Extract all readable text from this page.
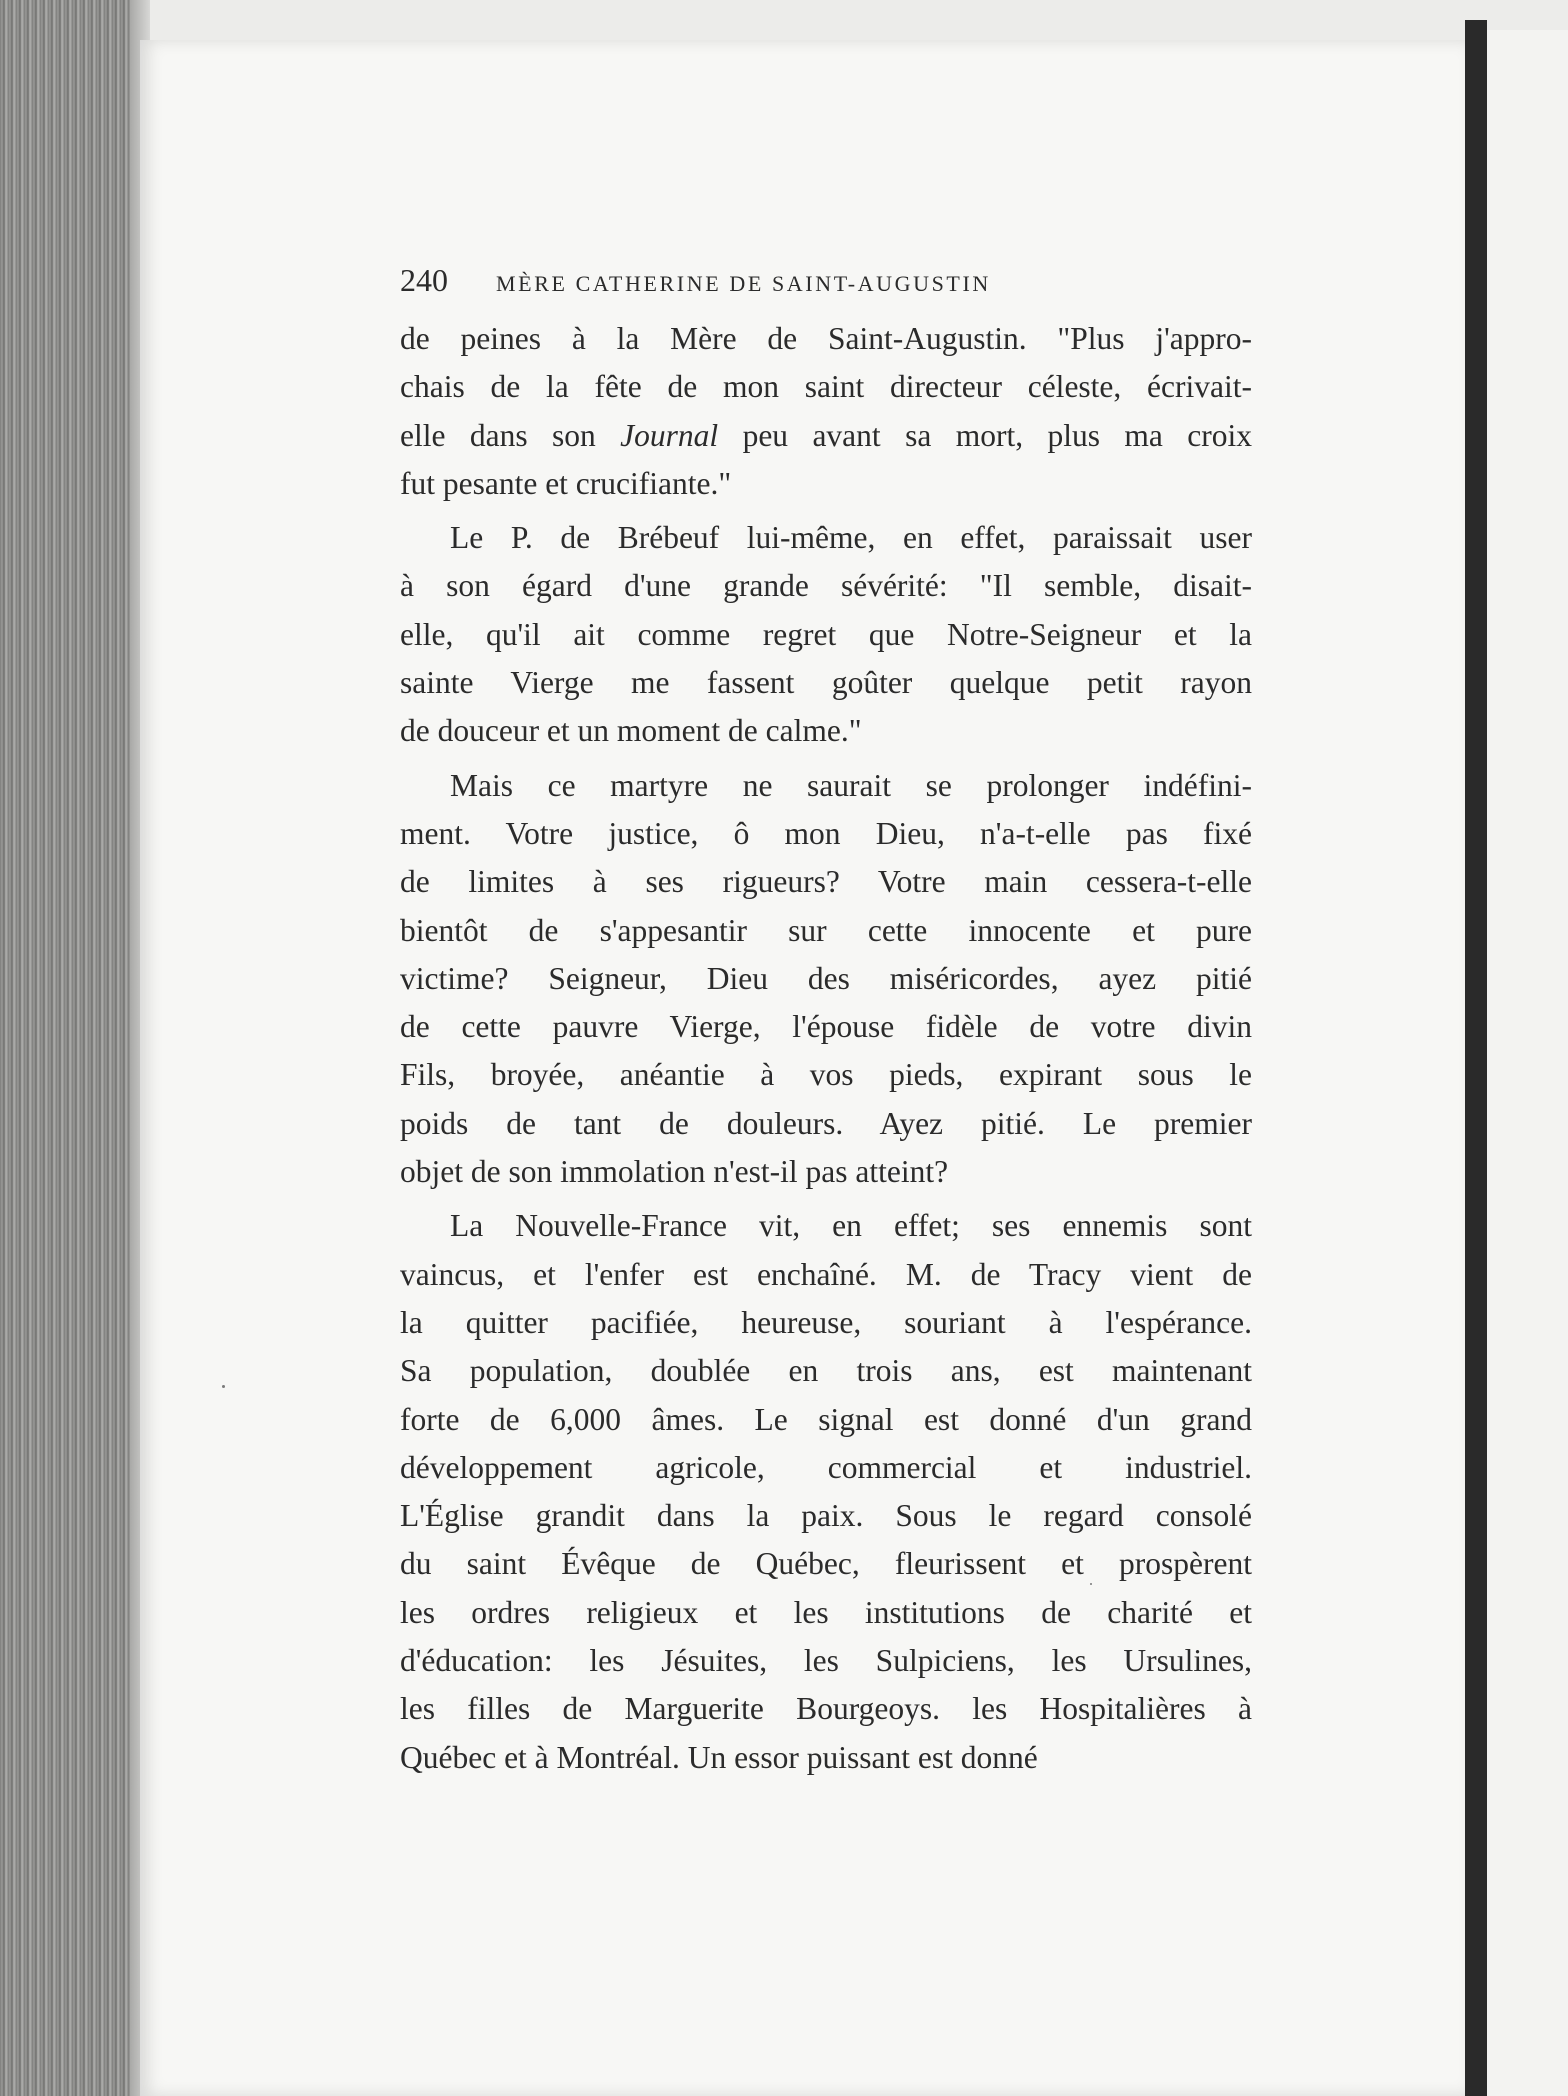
240	MÈRE CATHERINE DE SAINT-AUGUSTIN
de peines à la Mère de Saint-Augustin. "Plus j'appro-
chais de la fête de mon saint directeur céleste, écrivait-
elle dans son Journal peu avant sa mort, plus ma croix
fut pesante et crucifiante."
Le P. de Brébeuf lui-même, en effet, paraissait user
à son égard d'une grande sévérité: "Il semble, disait-
elle, qu'il ait comme regret que Notre-Seigneur et la
sainte Vierge me fassent goûter quelque petit rayon
de douceur et un moment de calme."
Mais ce martyre ne saurait se prolonger indéfini-
ment. Votre justice, ô mon Dieu, n'a-t-elle pas fixé
de limites à ses rigueurs? Votre main cessera-t-elle
bientôt de s'appesantir sur cette innocente et pure
victime? Seigneur, Dieu des miséricordes, ayez pitié
de cette pauvre Vierge, l'épouse fidèle de votre divin
Fils, broyée, anéantie à vos pieds, expirant sous le
poids de tant de douleurs. Ayez pitié. Le premier
objet de son immolation n'est-il pas atteint?
La Nouvelle-France vit, en effet; ses ennemis sont
vaincus, et l'enfer est enchaîné. M. de Tracy vient de
la quitter pacifiée, heureuse, souriant à l'espérance.
Sa population, doublée en trois ans, est maintenant
forte de 6,000 âmes. Le signal est donné d'un grand
développement agricole, commercial et industriel.
L'Église grandit dans la paix. Sous le regard consolé
du saint Évêque de Québec, fleurissent et prospèrent
les ordres religieux et les institutions de charité et
d'éducation: les Jésuites, les Sulpiciens, les Ursulines,
les filles de Marguerite Bourgeoys. les Hospitalières à
Québec et à Montréal. Un essor puissant est donné
